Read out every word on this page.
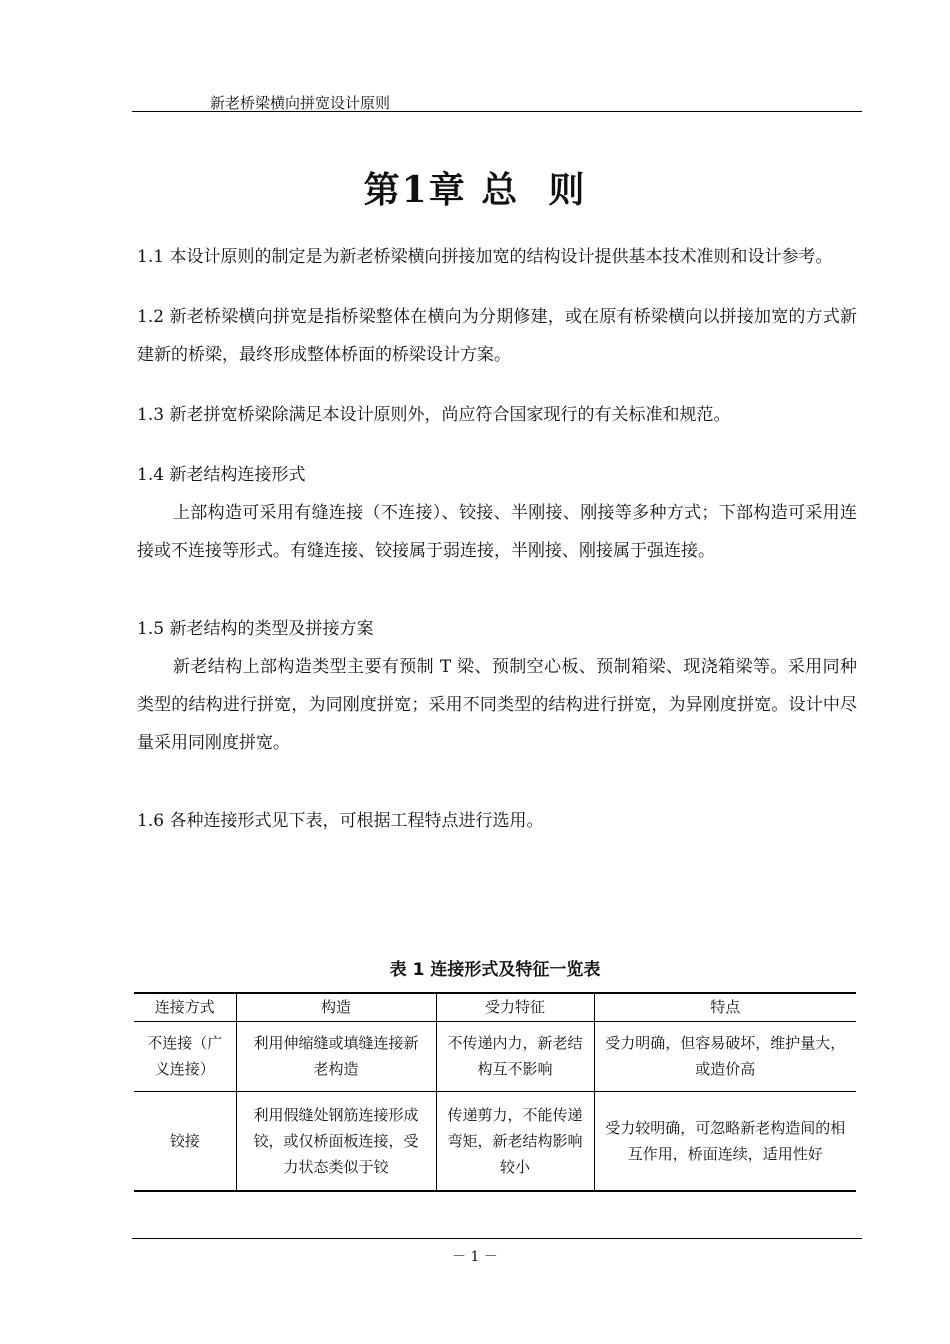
新老桥梁横向拼宽设计原则
第1章 总  则

1.1 本设计原则的制定是为新老桥梁横向拼接加宽的结构设计提供基本技术准则和设计参考。

1.2 新老桥梁横向拼宽是指桥梁整体在横向为分期修建，或在原有桥梁横向以拼接加宽的方式新建新的桥梁，最终形成整体桥面的桥梁设计方案。

1.3 新老拼宽桥梁除满足本设计原则外，尚应符合国家现行的有关标准和规范。

1.4 新老结构连接形式

上部构造可采用有缝连接（不连接）、铰接、半刚接、刚接等多种方式；下部构造可采用连接或不连接等形式。有缝连接、铰接属于弱连接，半刚接、刚接属于强连接。

1.5 新老结构的类型及拼接方案

新老结构上部构造类型主要有预制 T 梁、预制空心板、预制箱梁、现浇箱梁等。采用同种类型的结构进行拼宽，为同刚度拼宽；采用不同类型的结构进行拼宽，为异刚度拼宽。设计中尽量采用同刚度拼宽。

1.6 各种连接形式见下表，可根据工程特点进行选用。

表 1 连接形式及特征一览表
连接方式	构造	受力特征	特点
不连接（广义连接）	利用伸缩缝或填缝连接新老构造	不传递内力，新老结构互不影响	受力明确，但容易破坏，维护量大，或造价高
铰接	利用假缝处钢筋连接形成铰，或仅桥面板连接，受力状态类似于铰	传递剪力，不能传递弯矩，新老结构影响较小	受力较明确，可忽略新老构造间的相互作用，桥面连续，适用性好
－ 1 －
